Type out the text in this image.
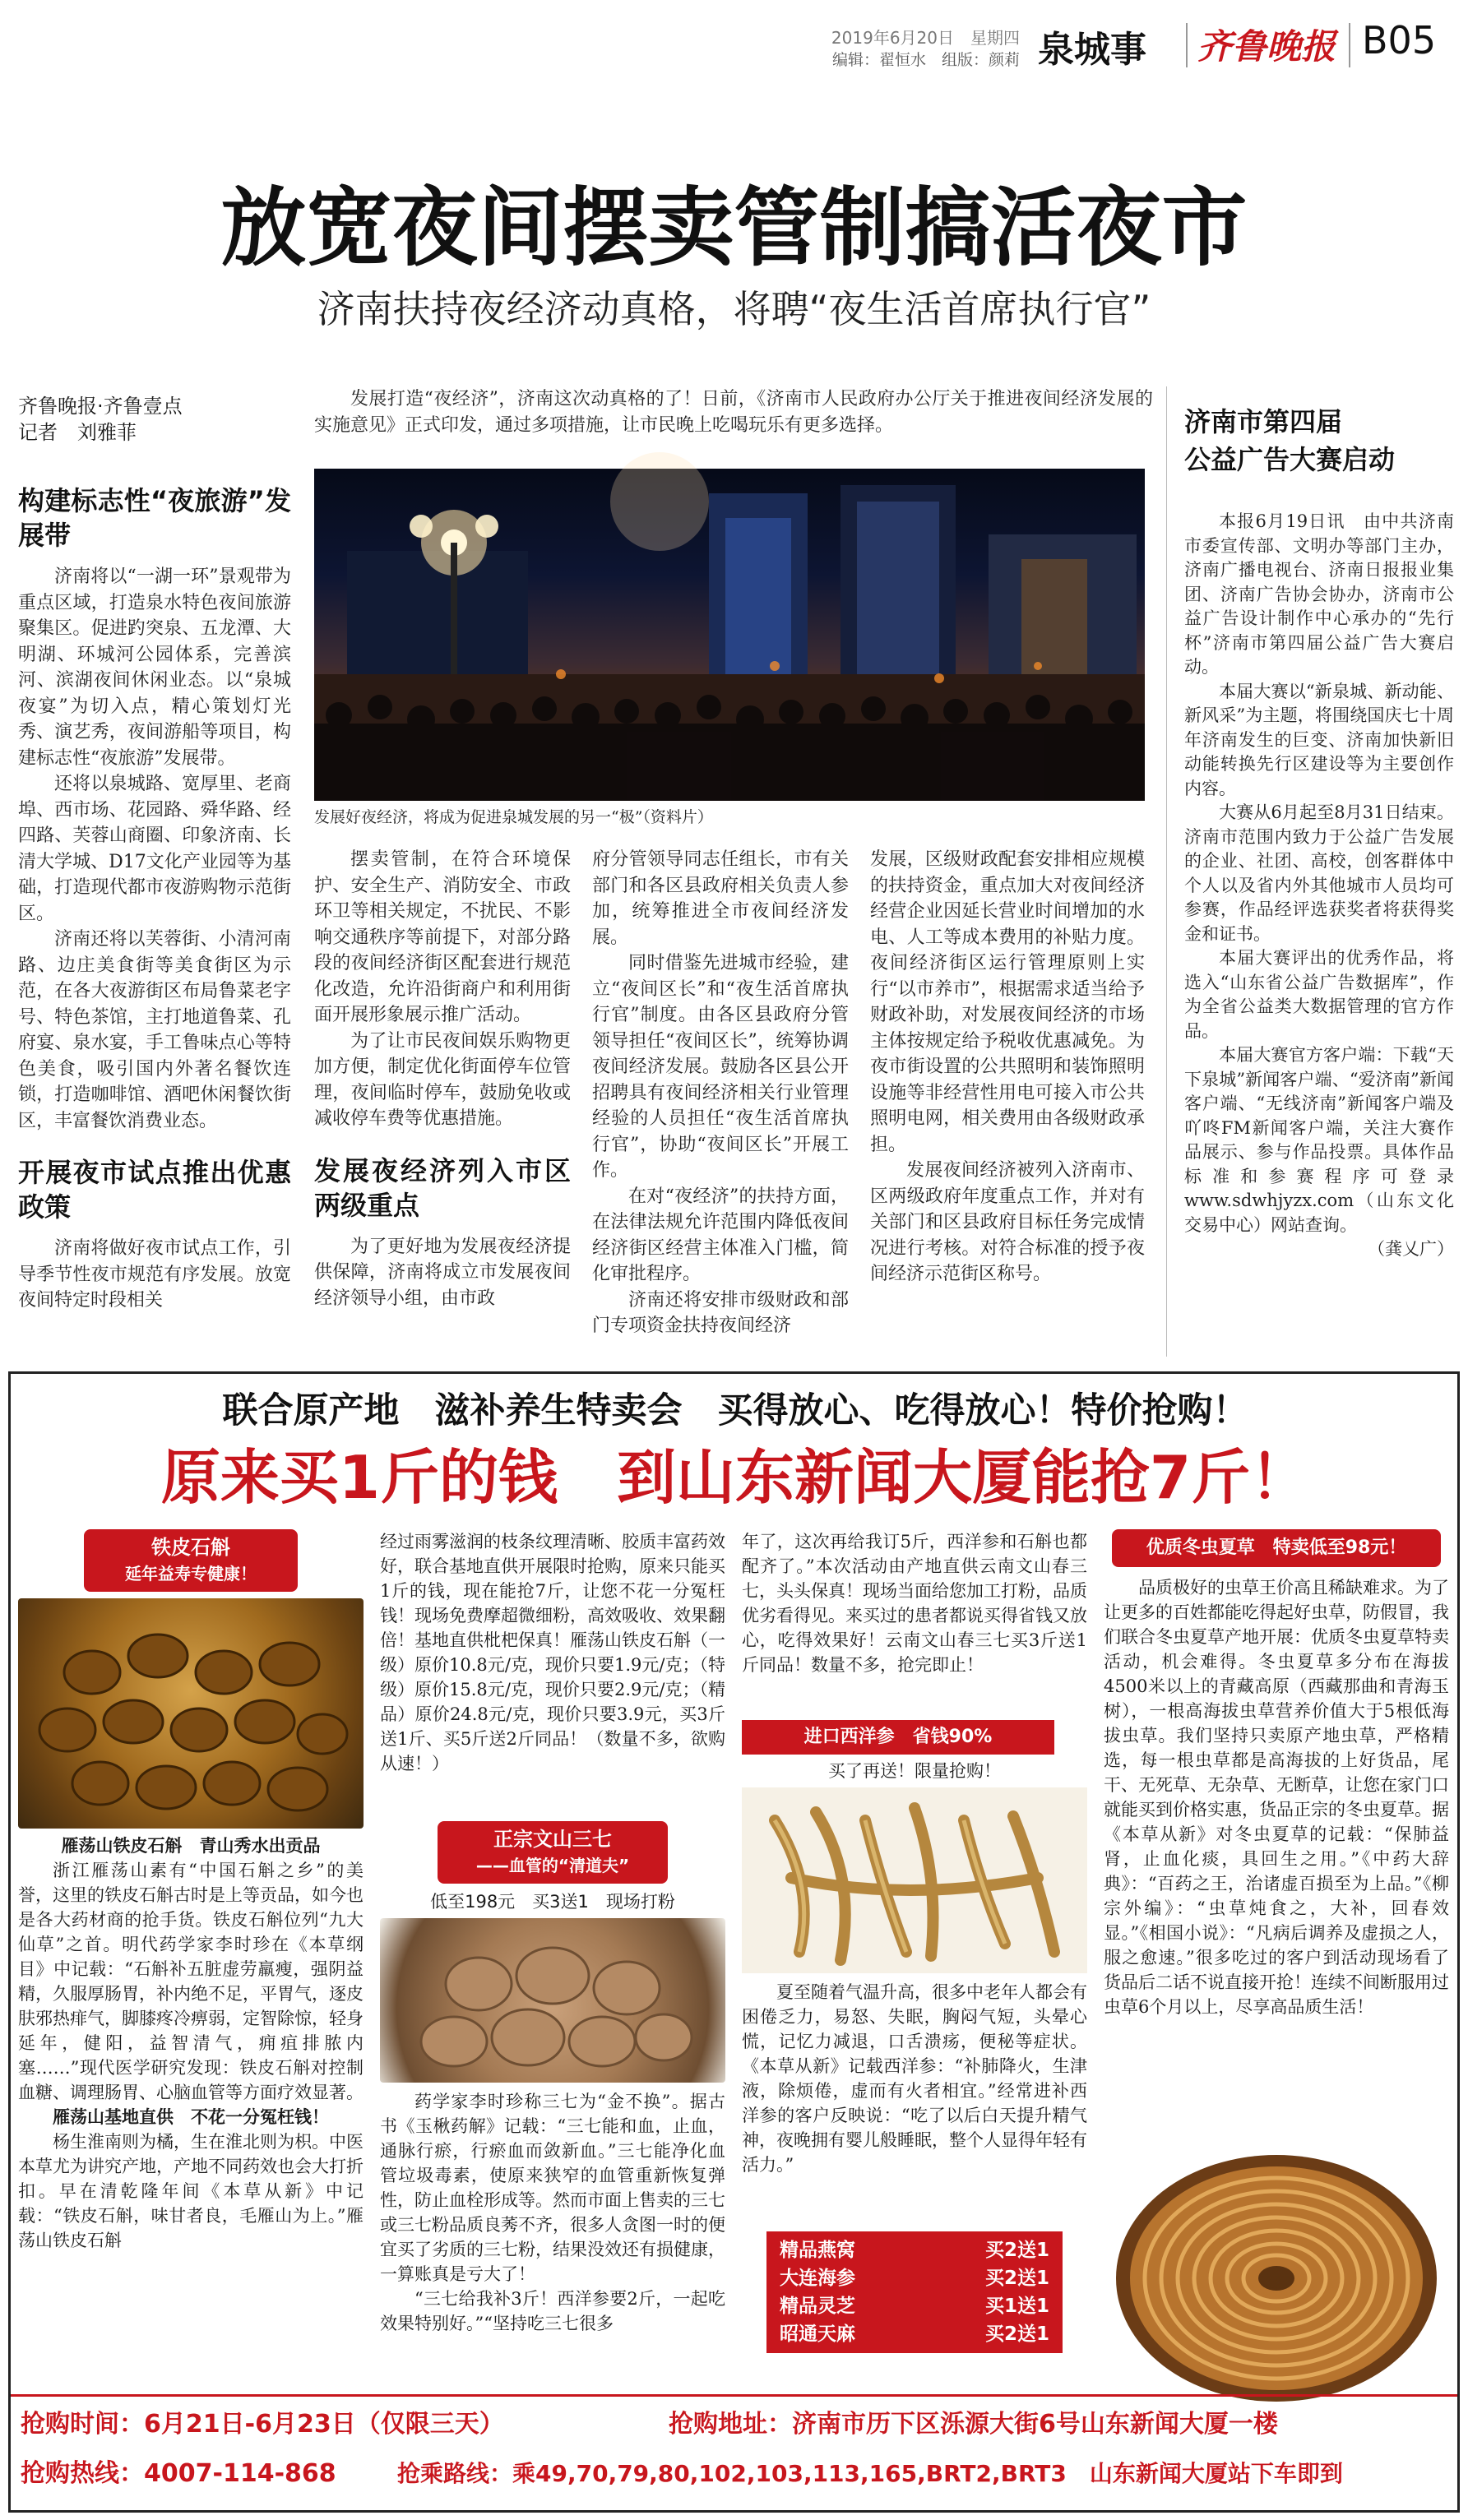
2019年6月20日　星期四
编辑：翟恒水　组版：颜莉 泉城事 齐鲁晚报 B05
放宽夜间摆卖管制搞活夜市
济南扶持夜经济动真格，将聘“夜生活首席执行官”
齐鲁晚报·齐鲁壹点
记者　刘雅菲

发展打造“夜经济”，济南这次动真格的了！日前，《济南市人民政府办公厅关于推进夜间经济发展的实施意见》正式印发，通过多项措施，让市民晚上吃喝玩乐有更多选择。

发展好夜经济，将成为促进泉城发展的另一“极”（资料片）
构建标志性“夜旅游”发展带

济南将以“一湖一环”景观带为重点区域，打造泉水特色夜间旅游聚集区。促进趵突泉、五龙潭、大明湖、环城河公园体系，完善滨河、滨湖夜间休闲业态。以“泉城夜宴”为切入点，精心策划灯光秀、演艺秀，夜间游船等项目，构建标志性“夜旅游”发展带。

还将以泉城路、宽厚里、老商埠、西市场、花园路、舜华路、经四路、芙蓉山商圈、印象济南、长清大学城、D17文化产业园等为基础，打造现代都市夜游购物示范街区。

济南还将以芙蓉街、小清河南路、边庄美食街等美食街区为示范，在各大夜游街区布局鲁菜老字号、特色茶馆，主打地道鲁菜、孔府宴、泉水宴，手工鲁味点心等特色美食，吸引国内外著名餐饮连锁，打造咖啡馆、酒吧休闲餐饮街区，丰富餐饮消费业态。

开展夜市试点推出优惠政策

济南将做好夜市试点工作，引导季节性夜市规范有序发展。放宽夜间特定时段相关

摆卖管制，在符合环境保护、安全生产、消防安全、市政环卫等相关规定，不扰民、不影响交通秩序等前提下，对部分路段的夜间经济街区配套进行规范化改造，允许沿街商户和利用街面开展形象展示推广活动。

为了让市民夜间娱乐购物更加方便，制定优化街面停车位管理，夜间临时停车，鼓励免收或减收停车费等优惠措施。

发展夜经济列入市区两级重点

为了更好地为发展夜经济提供保障，济南将成立市发展夜间经济领导小组，由市政

府分管领导同志任组长，市有关部门和各区县政府相关负责人参加，统筹推进全市夜间经济发展。

同时借鉴先进城市经验，建立“夜间区长”和“夜生活首席执行官”制度。由各区县政府分管领导担任“夜间区长”，统筹协调夜间经济发展。鼓励各区县公开招聘具有夜间经济相关行业管理经验的人员担任“夜生活首席执行官”，协助“夜间区长”开展工作。

在对“夜经济”的扶持方面，在法律法规允许范围内降低夜间经济街区经营主体准入门槛，简化审批程序。

济南还将安排市级财政和部门专项资金扶持夜间经济

发展，区级财政配套安排相应规模的扶持资金，重点加大对夜间经济经营企业因延长营业时间增加的水电、人工等成本费用的补贴力度。夜间经济街区运行管理原则上实行“以市养市”，根据需求适当给予财政补助，对发展夜间经济的市场主体按规定给予税收优惠减免。为夜市街设置的公共照明和装饰照明设施等非经营性用电可接入市公共照明电网，相关费用由各级财政承担。

发展夜间经济被列入济南市、区两级政府年度重点工作，并对有关部门和区县政府目标任务完成情况进行考核。对符合标准的授予夜间经济示范街区称号。

济南市第四届
公益广告大赛启动

本报6月19日讯　由中共济南市委宣传部、文明办等部门主办，济南广播电视台、济南日报报业集团、济南广告协会协办，济南市公益广告设计制作中心承办的“先行杯”济南市第四届公益广告大赛启动。

本届大赛以“新泉城、新动能、新风采”为主题，将围绕国庆七十周年济南发生的巨变、济南加快新旧动能转换先行区建设等为主要创作内容。

大赛从6月起至8月31日结束。济南市范围内致力于公益广告发展的企业、社团、高校，创客群体中个人以及省内外其他城市人员均可参赛，作品经评选获奖者将获得奖金和证书。

本届大赛评出的优秀作品，将选入“山东省公益广告数据库”，作为全省公益类大数据管理的官方作品。

本届大赛官方客户端：下载“天下泉城”新闻客户端、“爱济南”新闻客户端、“无线济南”新闻客户端及吖咚FM新闻客户端，关注大赛作品展示、参与作品投票。具体作品标准和参赛程序可登录www.sdwhjyzx.com（山东文化交易中心）网站查询。

（龚乂广）

联合原产地　滋补养生特卖会　买得放心、吃得放心！特价抢购！
原来买1斤的钱　到山东新闻大厦能抢7斤！
铁皮石斛
延年益寿专健康！
雁荡山铁皮石斛　青山秀水出贡品

浙江雁荡山素有“中国石斛之乡”的美誉，这里的铁皮石斛古时是上等贡品，如今也是各大药材商的抢手货。铁皮石斛位列“九大仙草”之首。明代药学家李时珍在《本草纲目》中记载：“石斛补五脏虚劳羸瘦，强阴益精，久服厚肠胃，补内绝不足，平胃气，逐皮肤邪热痱气，脚膝疼冷痹弱，定智除惊，轻身延年，健阳，益智清气，痈疽排脓内塞……”现代医学研究发现：铁皮石斛对控制血糖、调理肠胃、心脑血管等方面疗效显著。

雁荡山基地直供　不花一分冤枉钱！

杨生淮南则为橘，生在淮北则为枳。中医本草尤为讲究产地，产地不同药效也会大打折扣。早在清乾隆年间《本草从新》中记载：“铁皮石斛，味甘者良，毛雁山为上。”雁荡山铁皮石斛

经过雨雾滋润的枝条纹理清晰、胶质丰富药效好，联合基地直供开展限时抢购，原来只能买1斤的钱，现在能抢7斤，让您不花一分冤枉钱！现场免费摩超微细粉，高效吸收、效果翻倍！基地直供枇杷保真！雁荡山铁皮石斛（一级）原价10.8元/克，现价只要1.9元/克；（特级）原价15.8元/克，现价只要2.9元/克；（精品）原价24.8元/克，现价只要3.9元，买3斤送1斤、买5斤送2斤同品！（数量不多，欲购从速！）

正宗文山三七
——血管的“清道夫”
低至198元　买3送1　现场打粉

药学家李时珍称三七为“金不换”。据古书《玉楸药解》记载：“三七能和血，止血，通脉行瘀，行瘀血而敛新血。”三七能净化血管垃圾毒素，使原来狭窄的血管重新恢复弹性，防止血栓形成等。然而市面上售卖的三七或三七粉品质良莠不齐，很多人贪图一时的便宜买了劣质的三七粉，结果没效还有损健康，一算账真是亏大了！

“三七给我补3斤！西洋参要2斤，一起吃效果特别好。”“坚持吃三七很多

年了，这次再给我订5斤，西洋参和石斛也都配齐了。”本次活动由产地直供云南文山春三七，头头保真！现场当面给您加工打粉，品质优劣看得见。来买过的患者都说买得省钱又放心，吃得效果好！云南文山春三七买3斤送1斤同品！数量不多，抢完即止！

进口西洋参　省钱90%
买了再送！限量抢购！

夏至随着气温升高，很多中老年人都会有困倦乏力，易怒、失眠，胸闷气短，头晕心慌，记忆力减退，口舌溃疡，便秘等症状。《本草从新》记载西洋参：“补肺降火，生津液，除烦倦，虚而有火者相宜。”经常进补西洋参的客户反映说：“吃了以后白天提升精气神，夜晚拥有婴儿般睡眠，整个人显得年轻有活力。”

精品燕窝	买2送1
大连海参	买2送1
精品灵芝	买1送1
昭通天麻	买2送1
优质冬虫夏草　特卖低至98元！

品质极好的虫草王价高且稀缺难求。为了让更多的百姓都能吃得起好虫草，防假冒，我们联合冬虫夏草产地开展：优质冬虫夏草特卖活动，机会难得。冬虫夏草多分布在海拔4500米以上的青藏高原（西藏那曲和青海玉树），一根高海拔虫草营养价值大于5根低海拔虫草。我们坚持只卖原产地虫草，严格精选，每一根虫草都是高海拔的上好货品，尾干、无死草、无杂草、无断草，让您在家门口就能买到价格实惠，货品正宗的冬虫夏草。据《本草从新》对冬虫夏草的记载：“保肺益肾，止血化痰，具回生之用。”《中药大辞典》：“百药之王，治诸虚百损至为上品。”《柳宗外编》：“虫草炖食之，大补，回春效显。”《相国小说》：“凡病后调养及虚损之人，服之愈速。”很多吃过的客户到活动现场看了货品后二话不说直接开抢！连续不间断服用过虫草6个月以上，尽享高品质生活！

抢购时间：6月21日-6月23日（仅限三天）	抢购地址：济南市历下区泺源大街6号山东新闻大厦一楼
抢购热线：4007-114-868	抢乘路线：乘49,70,79,80,102,103,113,165,BRT2,BRT3　山东新闻大厦站下车即到
